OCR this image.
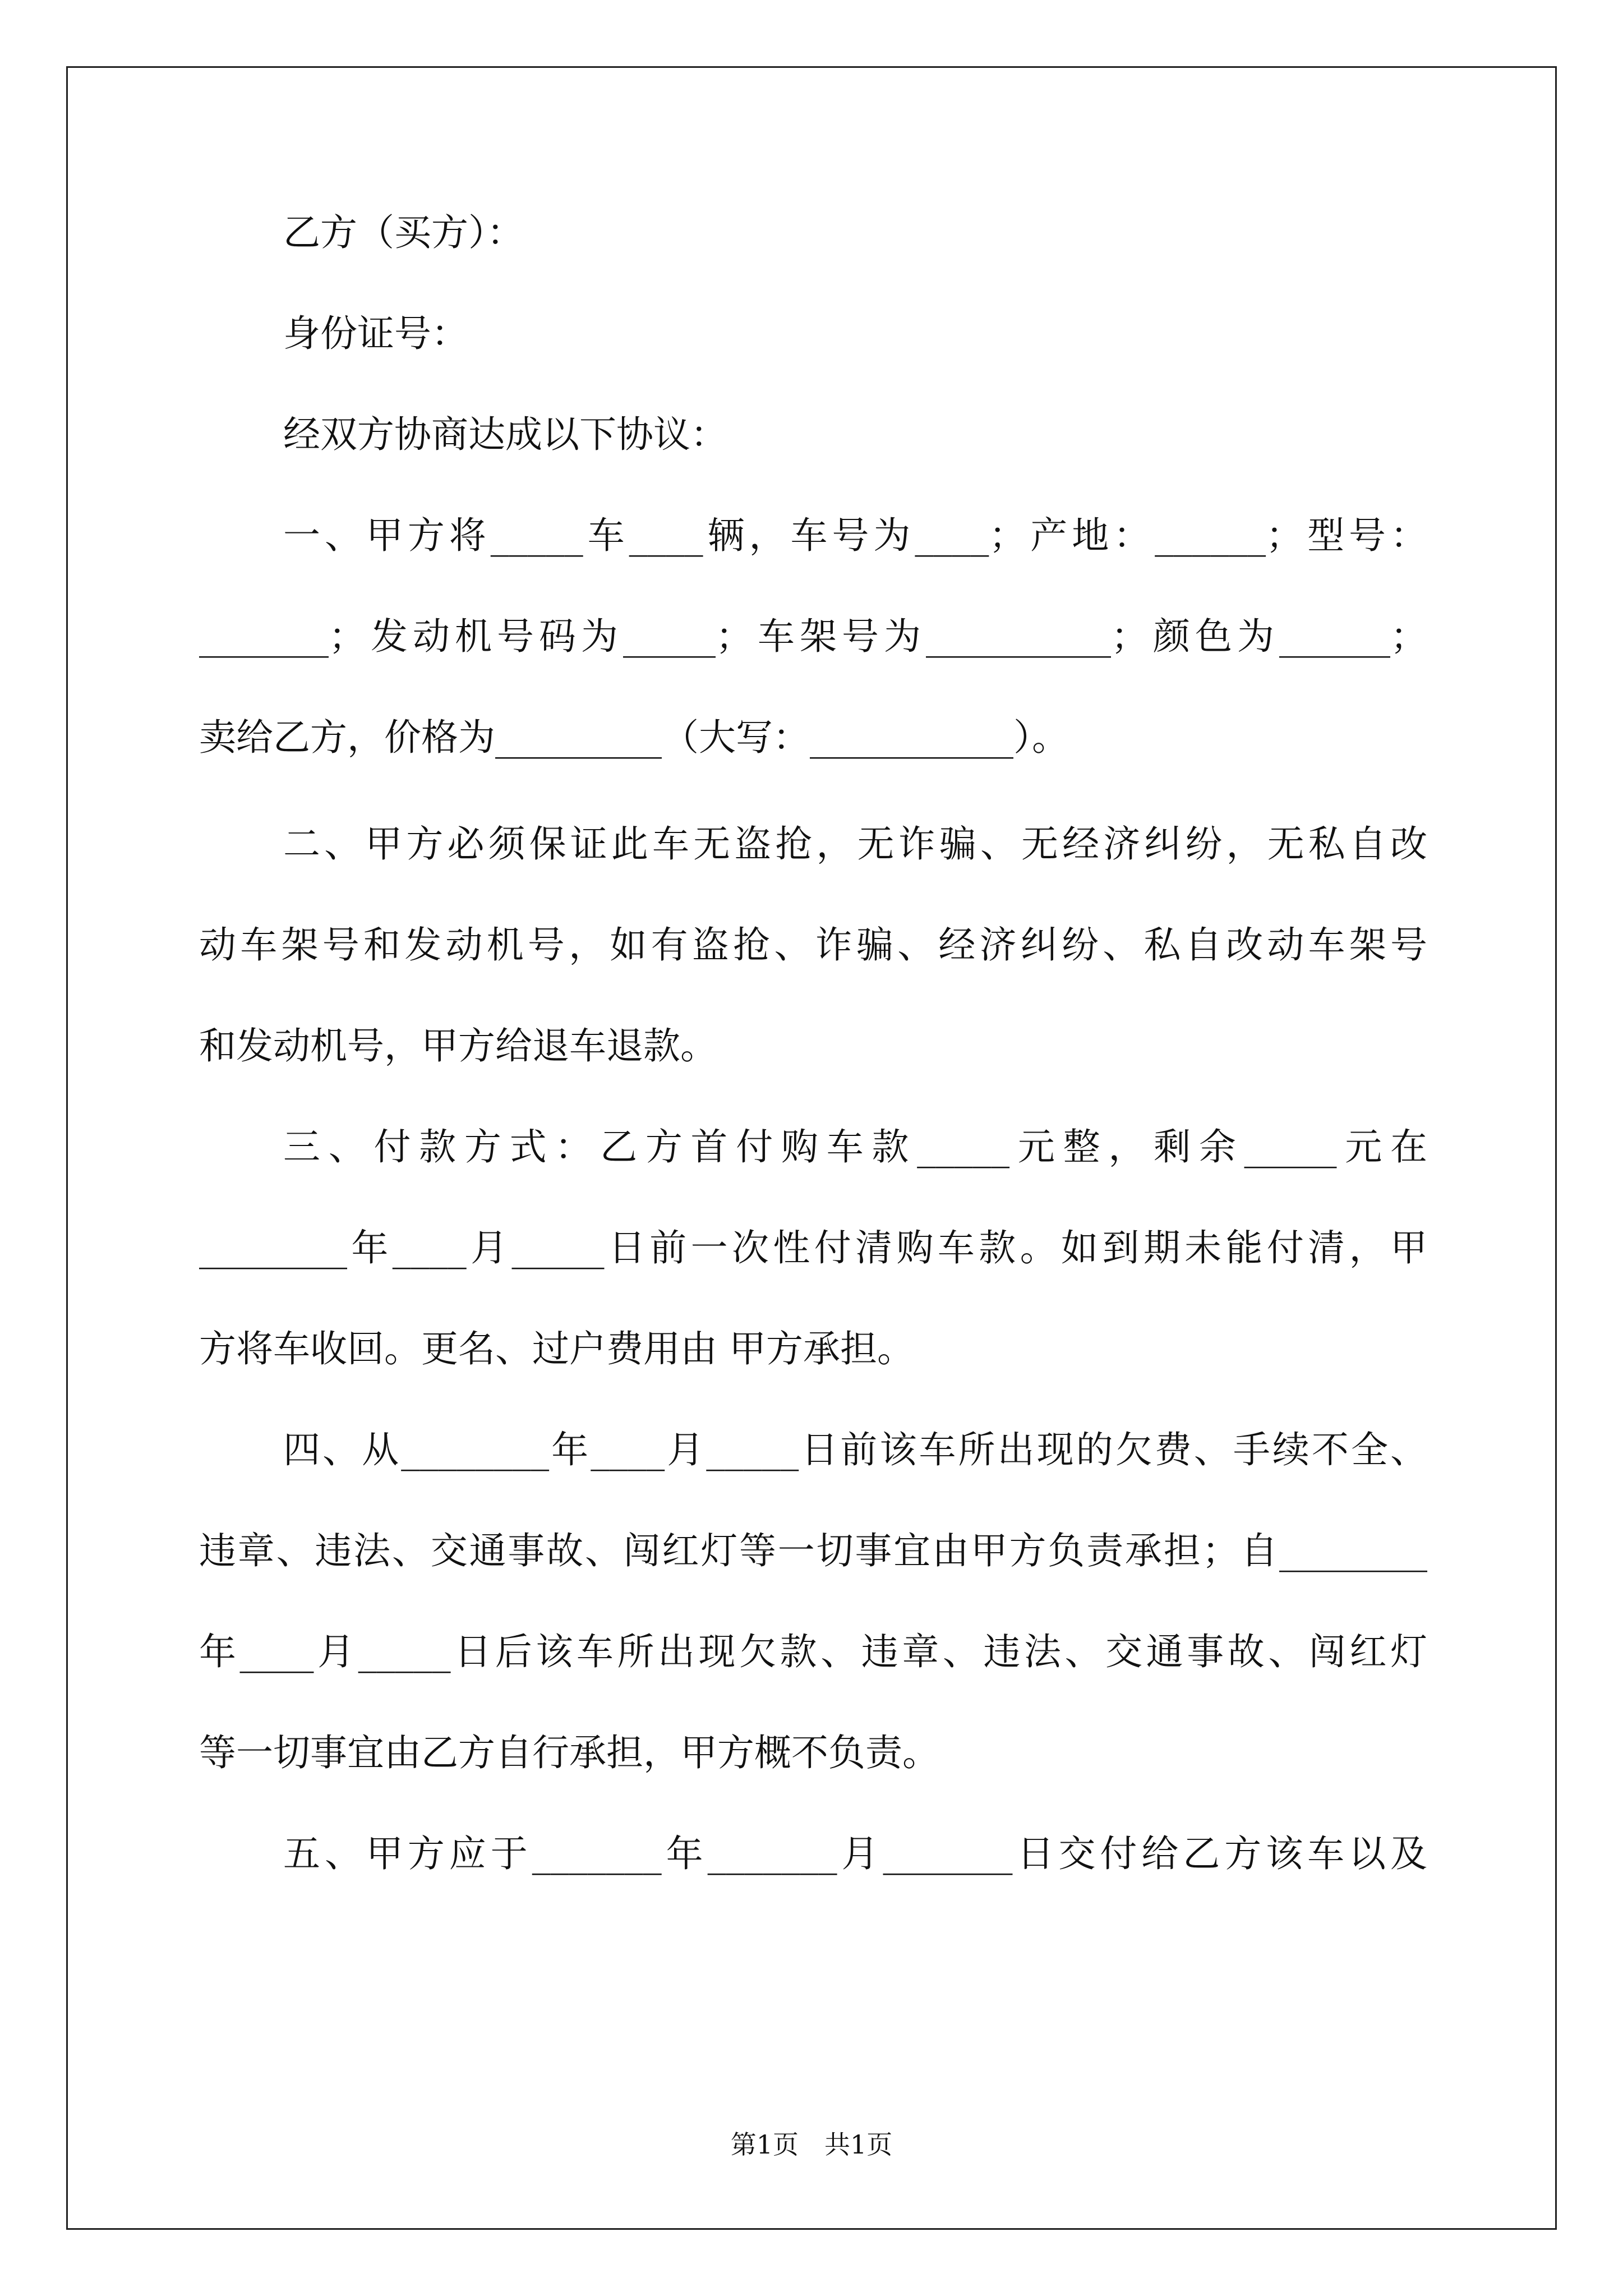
乙方（买方）：
身份证号：
经双方协商达成以下协议：
一、甲方将_____车____辆，车号为____；产地：______；型号：
_______；发动机号码为_____；车架号为__________；颜色为______；
卖给乙方，价格为_________（大写：___________）。
二、甲方必须保证此车无盗抢，无诈骗、无经济纠纷，无私自改
动车架号和发动机号，如有盗抢、诈骗、经济纠纷、私自改动车架号
和发动机号，甲方给退车退款。
三、付款方式：乙方首付购车款_____元整，剩余_____元在
________年____月_____日前一次性付清购车款。如到期未能付清，甲
方将车收回。更名、过户费用由 甲方承担。
四、从________年____月_____日前该车所出现的欠费、手续不全、
违章、违法、交通事故、闯红灯等一切事宜由甲方负责承担；自________
年____月_____日后该车所出现欠款、违章、违法、交通事故、闯红灯
等一切事宜由乙方自行承担，甲方概不负责。
五、甲方应于_______年_______月_______日交付给乙方该车以及
第1页　共1页
